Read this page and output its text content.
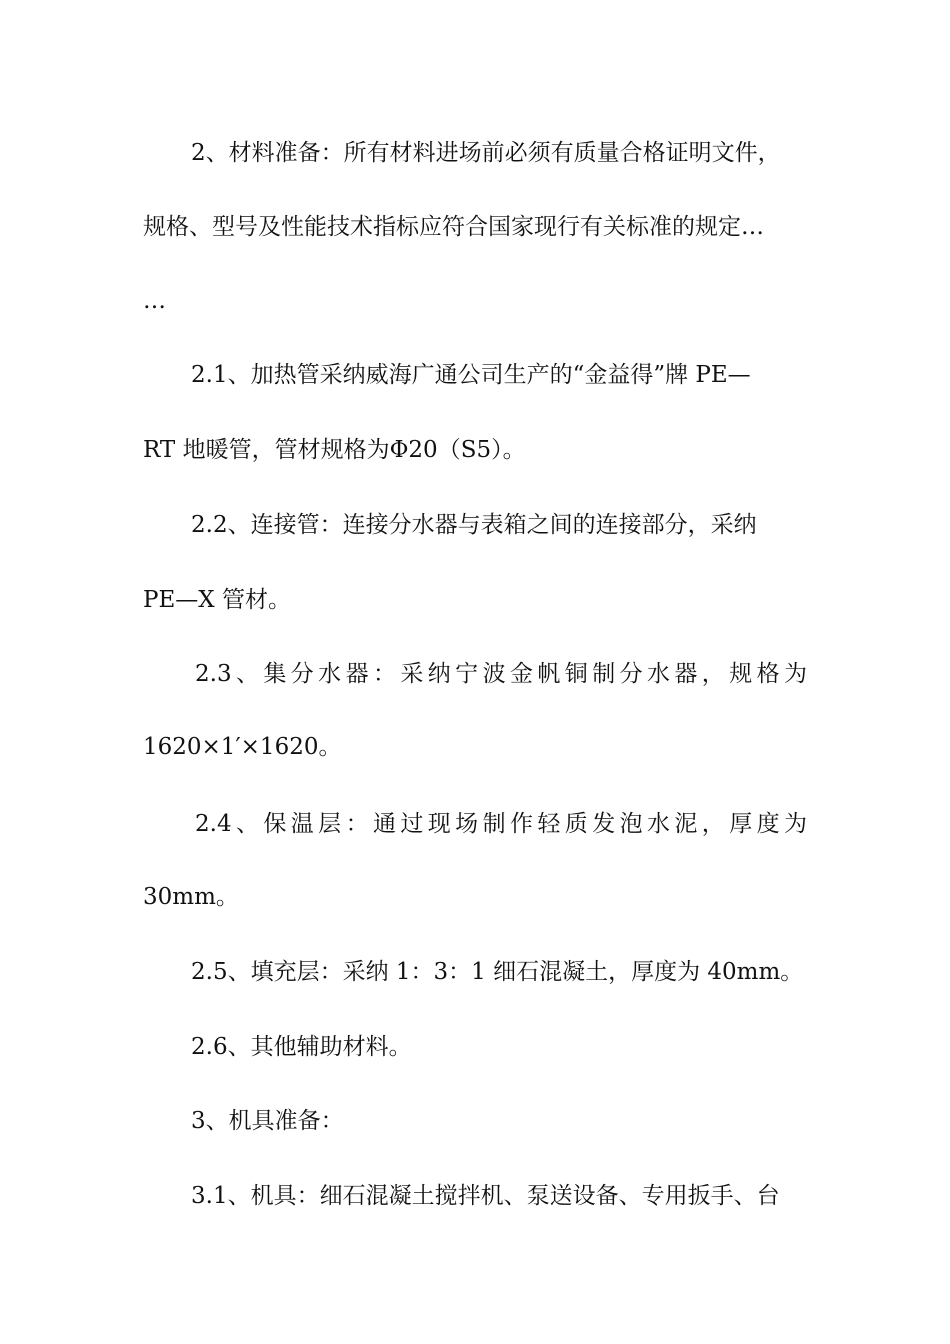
2、材料准备：所有材料进场前必须有质量合格证明文件，
规格、型号及性能技术指标应符合国家现行有关标准的规定…
…
2.1、加热管采纳威海广通公司生产的“金益得”牌 PE—
RT 地暖管，管材规格为Φ20（S5）。
2.2、连接管：连接分水器与表箱之间的连接部分，采纳
PE—X 管材。
2.3、集分水器：采纳宁波金帆铜制分水器，规格为
1620×1′×1620。
2.4、保温层：通过现场制作轻质发泡水泥，厚度为
30mm。
2.5、填充层：采纳 1：3：1 细石混凝土，厚度为 40mm。
2.6、其他辅助材料。
3、机具准备：
3.1、机具：细石混凝土搅拌机、泵送设备、专用扳手、台
